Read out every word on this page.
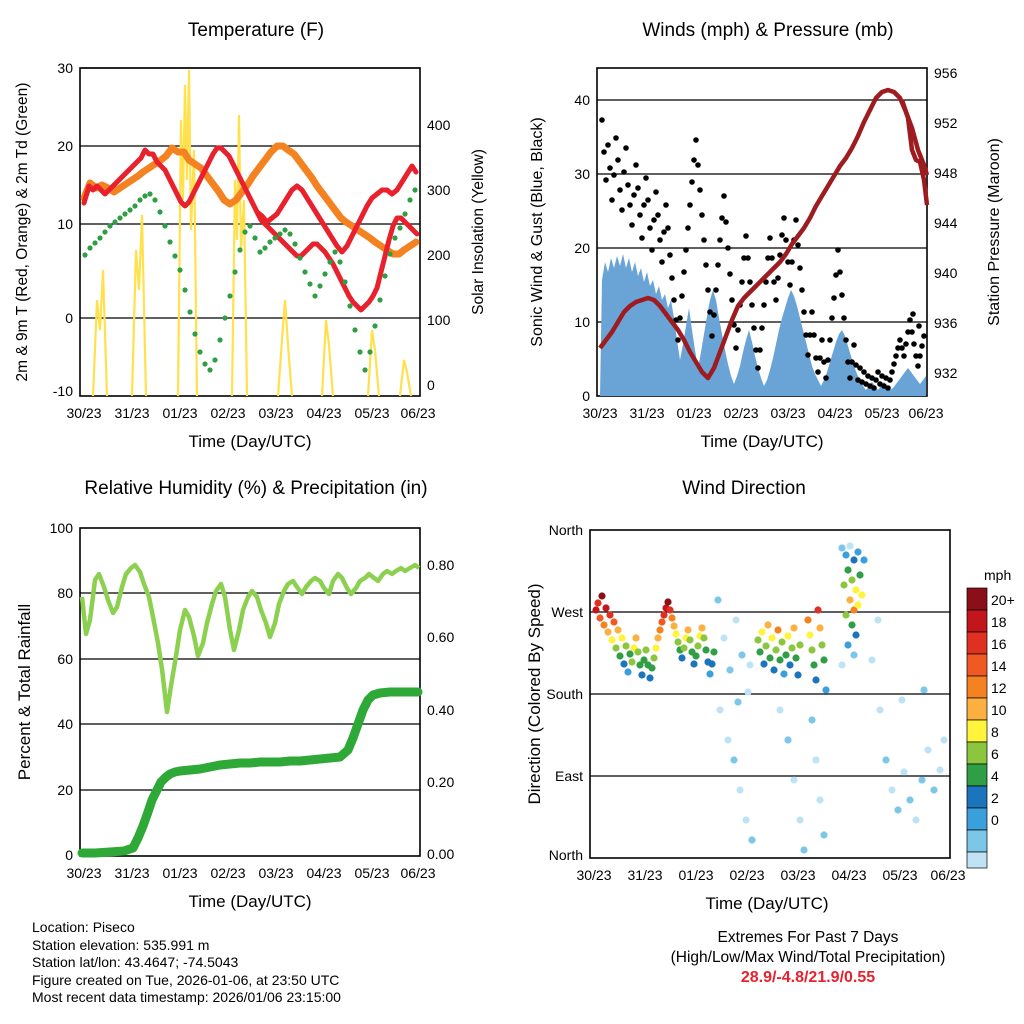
Temperature (F)
30
20
10
0
-10
400
300
200
100
0
30/23 31/23 01/23 02/23 03/23 04/23 05/23 06/23
Time (Day/UTC)
2m & 9m T (Red, Orange) & 2m Td (Green)	Solar Insolation (Yellow)
Winds (mph) & Pressure (mb)
40
30
20
10
0
956
952
948
944
940
936
932
30/23 31/23 01/23 02/23 03/23 04/23 05/23 06/23
Time (Day/UTC)
Sonic Wind & Gust (Blue, Black)	Station Pressure (Maroon)
Relative Humidity (%) & Precipitation (in)
100
80
60
40
20
0
0.80
0.60
0.40
0.20
0.00
30/23 31/23 01/23 02/23 03/23 04/23 05/23 06/23
Time (Day/UTC)
Percent & Total Rainfall
Wind Direction
North
West
South
East
North
30/23 31/23 01/23 02/23 03/23 04/23 05/23 06/23
Time (Day/UTC)
Direction (Colored By Speed)
mph
20+
18
16
14
12
10
8
6
4
2
0
Location: Piseco
Station elevation: 535.991 m
Station lat/lon: 43.4647; -74.5043
Figure created on Tue, 2026-01-06, at 23:50 UTC
Most recent data timestamp: 2026/01/06 23:15:00
Extremes For Past 7 Days
(High/Low/Max Wind/Total Precipitation)
28.9/-4.8/21.9/0.55
